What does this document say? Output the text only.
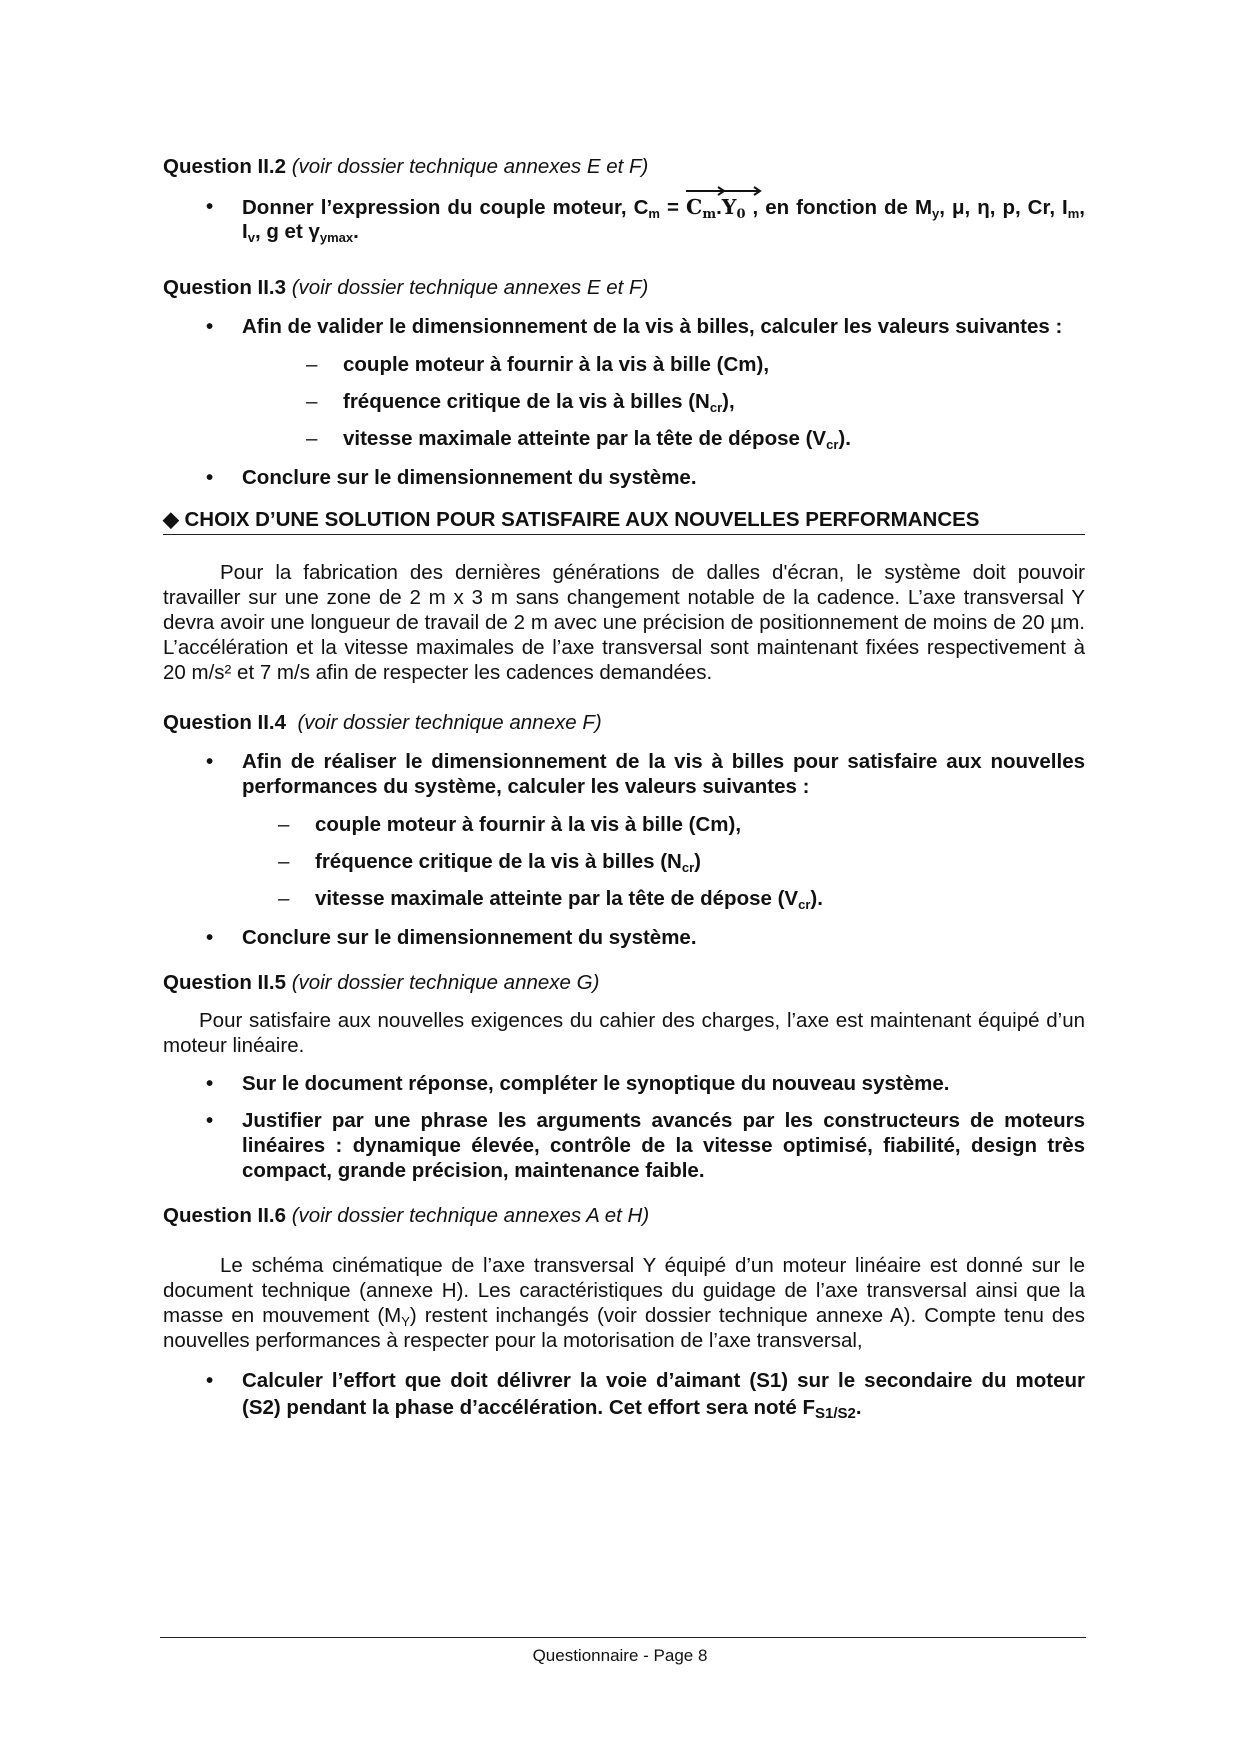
Question II.2 (voir dossier technique annexes E et F)
• Donner l’expression du couple moteur, $C_m$ =
$C_m$.
$Y_0$ , en fonction de $M_y$, μ, η, p, Cr, $I_m$, $I_v$, g et $\gamma_{ymax}$.
Question II.3 (voir dossier technique annexes E et F)
• Afin de valider le dimensionnement de la vis à billes, calculer les valeurs suivantes :
– couple moteur à fournir à la vis à bille (Cm),
– fréquence critique de la vis à billes $(N_{cr})$,
– vitesse maximale atteinte par la tête de dépose $(V_{cr})$.
• Conclure sur le dimensionnement du système.
◆ CHOIX D’UNE SOLUTION POUR SATISFAIRE AUX NOUVELLES PERFORMANCES
Pour la fabrication des dernières générations de dalles d'écran, le système doit pouvoir travailler sur une zone de 2 m x 3 m sans changement notable de la cadence. L’axe transversal Y devra avoir une longueur de travail de 2 m avec une précision de positionnement de moins de 20 µm. L’accélération et la vitesse maximales de l’axe transversal sont maintenant fixées respectivement à 20 m/s² et 7 m/s afin de respecter les cadences demandées.
Question II.4 (voir dossier technique annexe F)
• Afin de réaliser le dimensionnement de la vis à billes pour satisfaire aux nouvelles performances du système, calculer les valeurs suivantes :
– couple moteur à fournir à la vis à bille (Cm),
– fréquence critique de la vis à billes $(N_{cr})$
– vitesse maximale atteinte par la tête de dépose $(V_{cr})$.
• Conclure sur le dimensionnement du système.
Question II.5 (voir dossier technique annexe G)
Pour satisfaire aux nouvelles exigences du cahier des charges, l’axe est maintenant équipé d’un moteur linéaire.
• Sur le document réponse, compléter le synoptique du nouveau système.
• Justifier par une phrase les arguments avancés par les constructeurs de moteurs linéaires : dynamique élevée, contrôle de la vitesse optimisé, fiabilité, design très compact, grande précision, maintenance faible.
Question II.6 (voir dossier technique annexes A et H)
Le schéma cinématique de l’axe transversal Y équipé d’un moteur linéaire est donné sur le document technique (annexe H). Les caractéristiques du guidage de l’axe transversal ainsi que la masse en mouvement $(M_Y)$ restent inchangés (voir dossier technique annexe A). Compte tenu des nouvelles performances à respecter pour la motorisation de l’axe transversal,
• Calculer l’effort que doit délivrer la voie d’aimant (S1) sur le secondaire du moteur (S2) pendant la phase d’accélération. Cet effort sera noté $F_{S1/S2}$.
Questionnaire - Page 8
